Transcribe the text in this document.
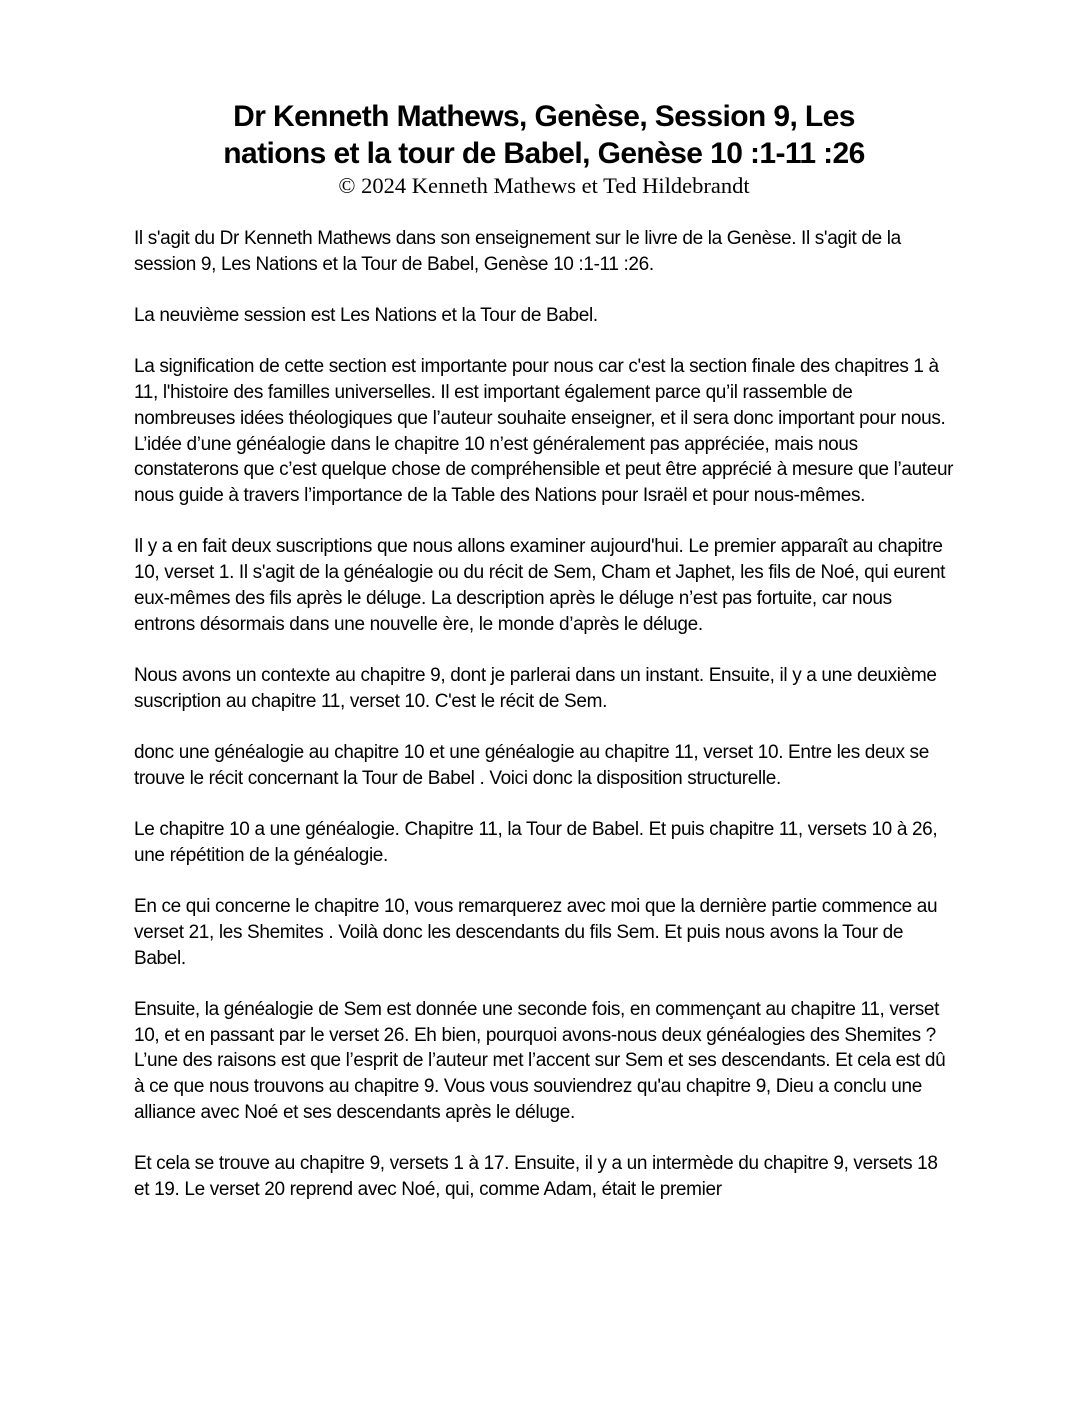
Dr Kenneth Mathews, Genèse, Session 9, Les
nations et la tour de Babel, Genèse 10 :1-11 :26
© 2024 Kenneth Mathews et Ted Hildebrandt

Il s'agit du Dr Kenneth Mathews dans son enseignement sur le livre de la Genèse. Il s'agit de la session 9, Les Nations et la Tour de Babel, Genèse 10 :1-11 :26.

La neuvième session est Les Nations et la Tour de Babel.

La signification de cette section est importante pour nous car c'est la section finale des chapitres 1 à 11, l'histoire des familles universelles. Il est important également parce qu’il rassemble de nombreuses idées théologiques que l’auteur souhaite enseigner, et il sera donc important pour nous. L’idée d’une généalogie dans le chapitre 10 n’est généralement pas appréciée, mais nous constaterons que c’est quelque chose de compréhensible et peut être apprécié à mesure que l’auteur nous guide à travers l’importance de la Table des Nations pour Israël et pour nous-mêmes.

Il y a en fait deux suscriptions que nous allons examiner aujourd'hui. Le premier apparaît au chapitre 10, verset 1. Il s'agit de la généalogie ou du récit de Sem, Cham et Japhet, les fils de Noé, qui eurent eux-mêmes des fils après le déluge. La description après le déluge n’est pas fortuite, car nous entrons désormais dans une nouvelle ère, le monde d’après le déluge.

Nous avons un contexte au chapitre 9, dont je parlerai dans un instant. Ensuite, il y a une deuxième suscription au chapitre 11, verset 10. C'est le récit de Sem.

donc une généalogie au chapitre 10 et une généalogie au chapitre 11, verset 10. Entre les deux se trouve le récit concernant la Tour de Babel . Voici donc la disposition structurelle.

Le chapitre 10 a une généalogie. Chapitre 11, la Tour de Babel. Et puis chapitre 11, versets 10 à 26, une répétition de la généalogie.

En ce qui concerne le chapitre 10, vous remarquerez avec moi que la dernière partie commence au verset 21, les Shemites . Voilà donc les descendants du fils Sem. Et puis nous avons la Tour de Babel.

Ensuite, la généalogie de Sem est donnée une seconde fois, en commençant au chapitre 11, verset 10, et en passant par le verset 26. Eh bien, pourquoi avons-nous deux généalogies des Shemites ? L’une des raisons est que l’esprit de l’auteur met l’accent sur Sem et ses descendants. Et cela est dû à ce que nous trouvons au chapitre 9. Vous vous souviendrez qu'au chapitre 9, Dieu a conclu une alliance avec Noé et ses descendants après le déluge.

Et cela se trouve au chapitre 9, versets 1 à 17. Ensuite, il y a un intermède du chapitre 9, versets 18 et 19. Le verset 20 reprend avec Noé, qui, comme Adam, était le premier
